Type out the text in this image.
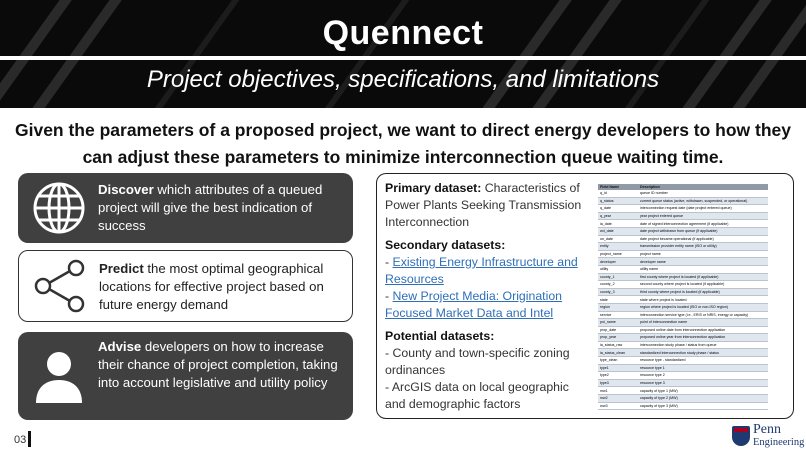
Quennect
Project objectives, specifications, and limitations
Given the parameters of a proposed project, we want to direct energy developers to how they can adjust these parameters to minimize interconnection queue waiting time.
Discover which attributes of a queued project will give the best indication of success
Predict the most optimal geographical locations for effective project based on future energy demand
Advise developers on how to increase their chance of project completion, taking into account legislative and utility policy
Primary dataset: Characteristics of Power Plants Seeking Transmission Interconnection
Secondary datasets:
- Existing Energy Infrastructure and Resources
- New Project Media: Origination Focused Market Data and Intel
Potential datasets:
- County and town-specific zoning ordinances
- ArcGIS data on local geographic and demographic factors
Field Name	Description
q_id	queue ID number
q_status	current queue status (active, withdrawn, suspended, or operational)
q_date	interconnection request date (date project entered queue)
q_year	year project entered queue
ia_date	date of signed interconnection agreement (if applicable)
wd_date	date project withdrawn from queue (if applicable)
on_date	date project became operational (if applicable)
entity	transmission provider entity name (ISO or utility)
project_name	project name
developer	developer name
utility	utility name
county_1	first county where project is located (if applicable)
county_2	second county where project is located (if applicable)
county_3	third county where project is located (if applicable)
state	state where project is located
region	region where project is located (ISO or non-ISO region)
service	interconnection service type (i.e., ERIS or NRIS, energy or capacity)
poi_name	point of interconnection name
prop_date	proposed online date from interconnection application
prop_year	proposed online year from interconnection application
ia_status_raw	interconnection study phase / status from queue
ia_status_clean	standardized interconnection study phase / status
type_clean	resource type - standardized
type1	resource type 1
type2	resource type 2
type3	resource type 3
mw1	capacity of type 1 (MW)
mw2	capacity of type 2 (MW)
mw3	capacity of type 3 (MW)
03
Penn
Engineering
